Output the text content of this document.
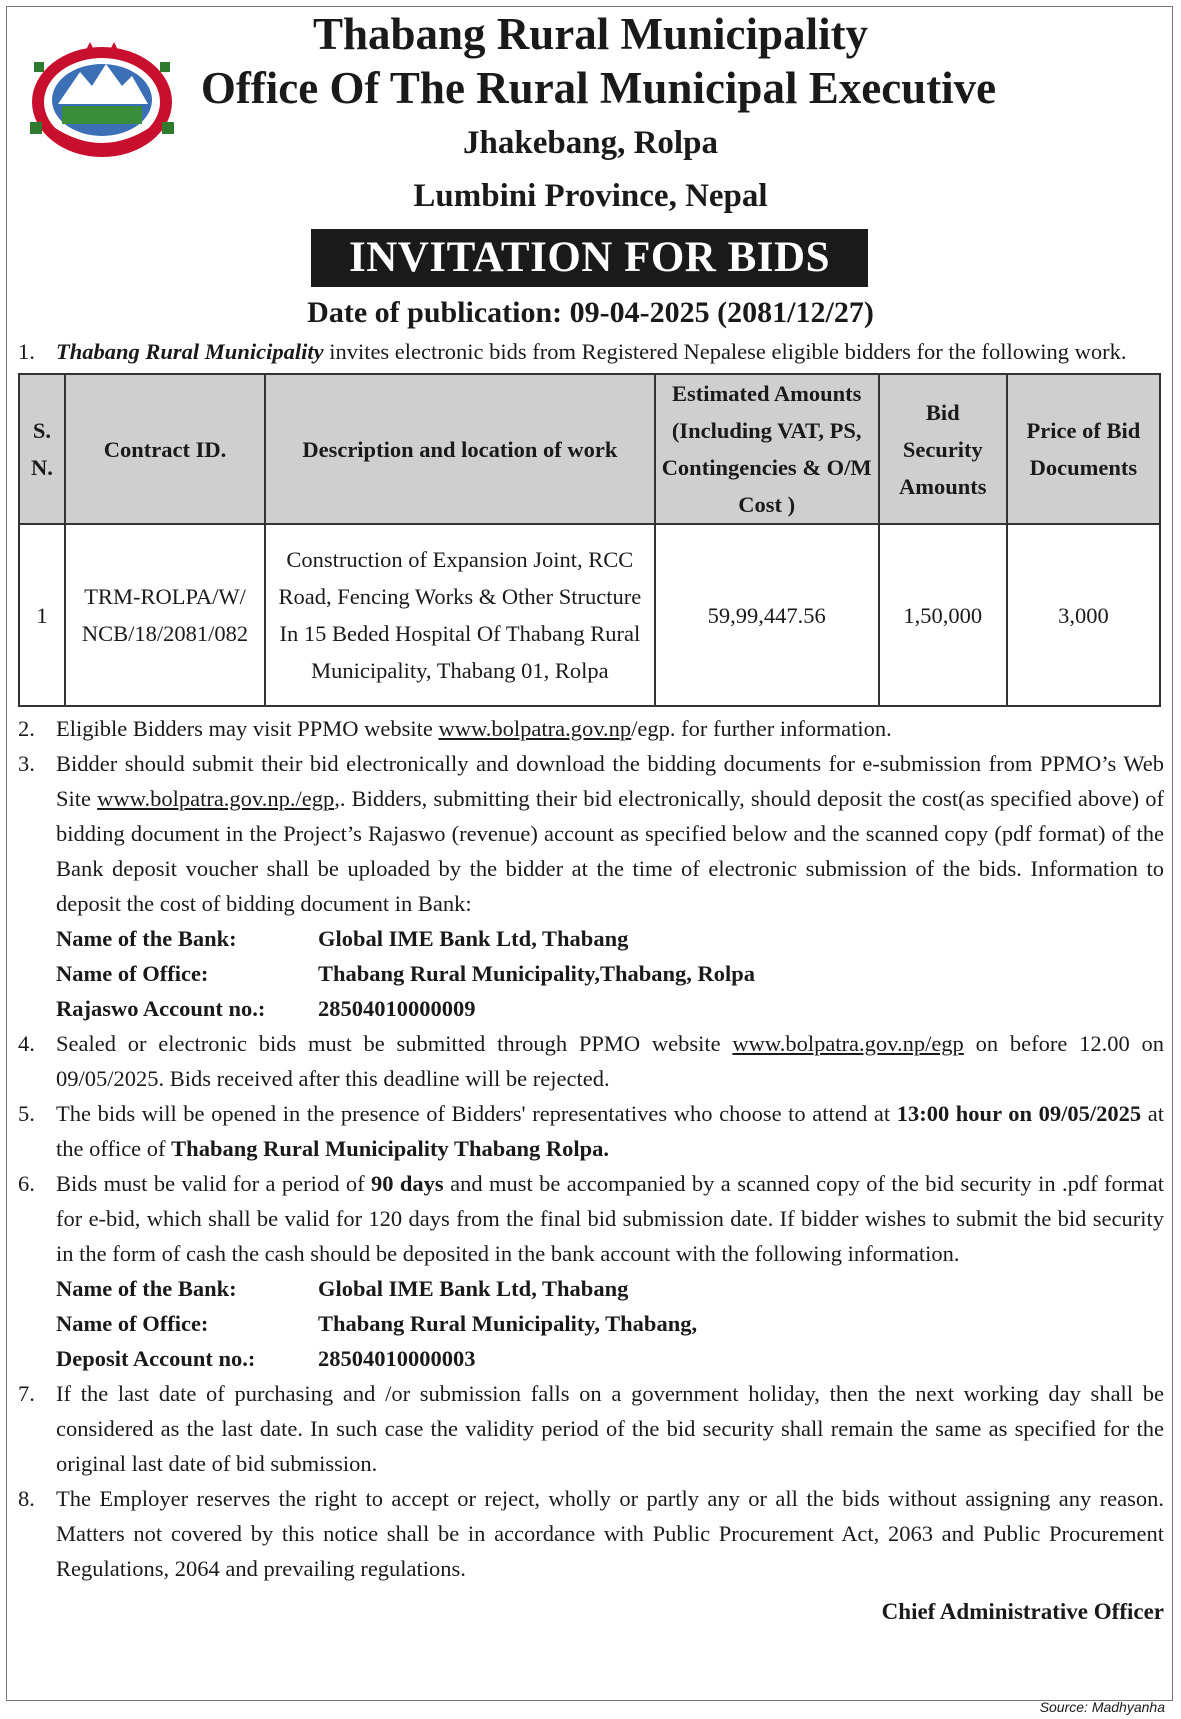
Thabang Rural Municipality
Office Of The Rural Municipal Executive
Jhakebang, Rolpa
Lumbini Province, Nepal
INVITATION FOR BIDS
Date of publication: 09-04-2025 (2081/12/27)
1. Thabang Rural Municipality invites electronic bids from Registered Nepalese eligible bidders for the following work.
S. N.	Contract ID.	Description and location of work	Estimated Amounts (Including VAT, PS, Contingencies & O/M Cost )	Bid Security Amounts	Price of Bid Documents
1	TRM-ROLPA/W/ NCB/18/2081/082	Construction of Expansion Joint, RCC Road, Fencing Works & Other Structure In 15 Beded Hospital Of Thabang Rural Municipality, Thabang 01, Rolpa	59,99,447.56	1,50,000	3,000
2. Eligible Bidders may visit PPMO website www.bolpatra.gov.np/egp. for further information.
3. Bidder should submit their bid electronically and download the bidding documents for e-submission from PPMO’s Web Site www.bolpatra.gov.np./egp,. Bidders, submitting their bid electronically, should deposit the cost(as specified above) of bidding document in the Project’s Rajaswo (revenue) account as specified below and the scanned copy (pdf format) of the Bank deposit voucher shall be uploaded by the bidder at the time of electronic submission of the bids. Information to deposit the cost of bidding document in Bank:
Name of the Bank:	Global IME Bank Ltd, Thabang
Name of Office:	Thabang Rural Municipality,Thabang, Rolpa
Rajaswo Account no.:	28504010000009
4. Sealed or electronic bids must be submitted through PPMO website www.bolpatra.gov.np/egp on before 12.00 on 09/05/2025. Bids received after this deadline will be rejected.
5. The bids will be opened in the presence of Bidders' representatives who choose to attend at 13:00 hour on 09/05/2025 at the office of Thabang Rural Municipality Thabang Rolpa.
6. Bids must be valid for a period of 90 days and must be accompanied by a scanned copy of the bid security in .pdf format for e-bid, which shall be valid for 120 days from the final bid submission date. If bidder wishes to submit the bid security in the form of cash the cash should be deposited in the bank account with the following information.
Name of the Bank:	Global IME Bank Ltd, Thabang
Name of Office:	Thabang Rural Municipality, Thabang,
Deposit Account no.:	28504010000003
7. If the last date of purchasing and /or submission falls on a government holiday, then the next working day shall be considered as the last date. In such case the validity period of the bid security shall remain the same as specified for the original last date of bid submission.
8. The Employer reserves the right to accept or reject, wholly or partly any or all the bids without assigning any reason. Matters not covered by this notice shall be in accordance with Public Procurement Act, 2063 and Public Procurement Regulations, 2064 and prevailing regulations.
Chief Administrative Officer
Source: Madhyanha
